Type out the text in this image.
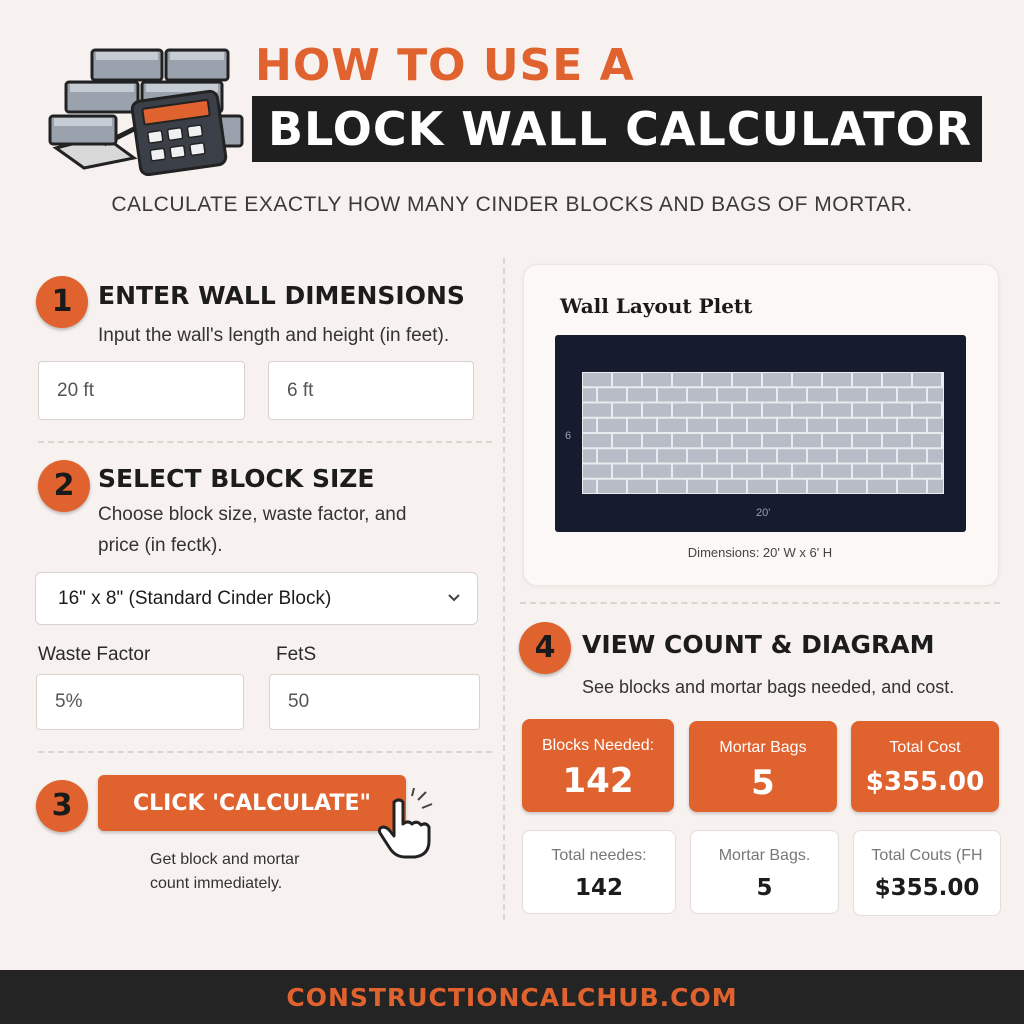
HOW TO USE A
BLOCK WALL CALCULATOR
CALCULATE EXACTLY HOW MANY CINDER BLOCKS AND BAGS OF MORTAR.
1	ENTER WALL DIMENSIONS
Input the wall's length and height (in feet).
20 ft	6 ft
2 SELECT BLOCK SIZE
Choose block size, waste factor, and
price (in fectk).
16" x 8" (Standard Cinder Block)
Waste Factor	FetS
5%	50
3	CLICK 'CALCULATE"
Get block and mortar
count immediately.
Wall Layout Plett
6
20'
Dimensions: 20' W x 6' H
4	VIEW COUNT & DIAGRAM
See blocks and mortar bags needed, and cost.
Blocks Needed:
142
Mortar Bags
5
Total Cost
$355.00
Total needes:
142
Mortar Bags.
5
Total Couts (FH
$355.00
CONSTRUCTIONCALCHUB.COM
